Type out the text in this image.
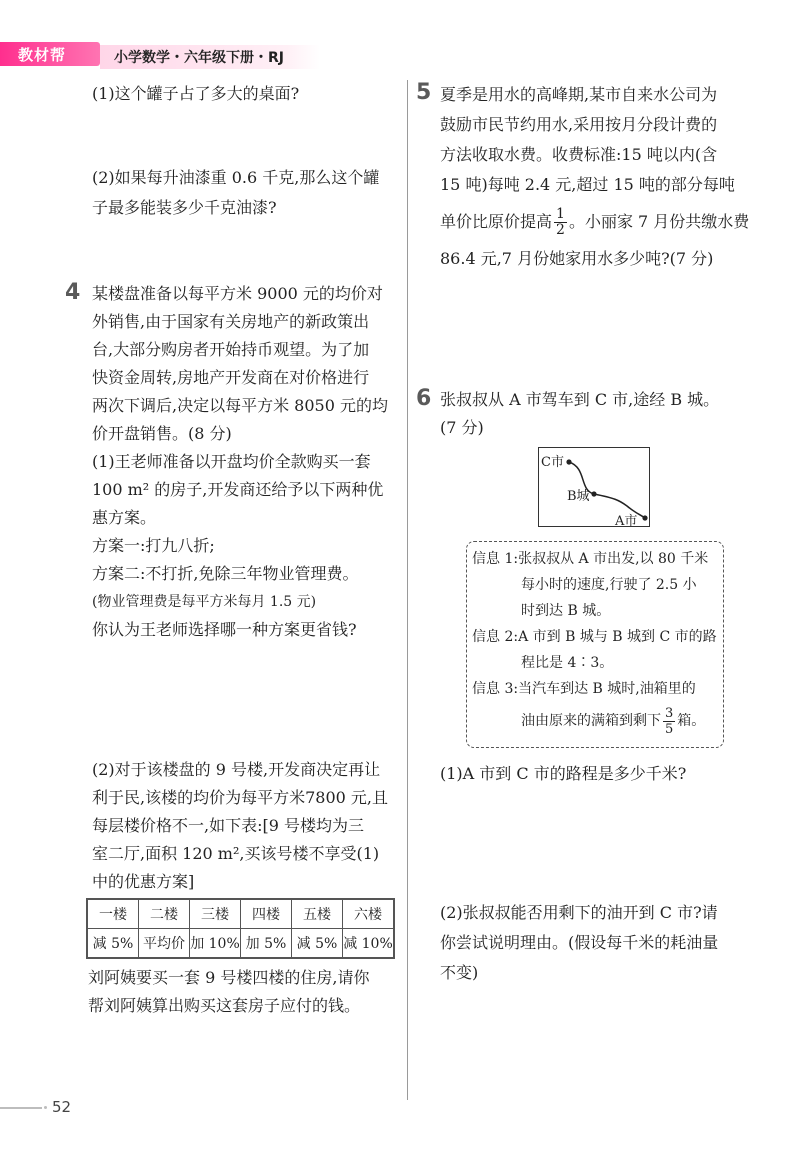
教材帮	小学数学・六年级下册・RJ
(1)这个罐子占了多大的桌面?
(2)如果每升油漆重 0.6 千克,那么这个罐
子最多能装多少千克油漆?
4 某楼盘准备以每平方米 9000 元的均价对
外销售,由于国家有关房地产的新政策出
台,大部分购房者开始持币观望。为了加
快资金周转,房地产开发商在对价格进行
两次下调后,决定以每平方米 8050 元的均
价开盘销售。(8 分)
(1)王老师准备以开盘均价全款购买一套
100 m² 的房子,开发商还给予以下两种优
惠方案。
方案一:打九八折;
方案二:不打折,免除三年物业管理费。
(物业管理费是每平方米每月 1.5 元)
你认为王老师选择哪一种方案更省钱?
(2)对于该楼盘的 9 号楼,开发商决定再让
利于民,该楼的均价为每平方米7800 元,且
每层楼价格不一,如下表:[9 号楼均为三
室二厅,面积 120 m²,买该号楼不享受(1)
中的优惠方案]
一楼	二楼	三楼	四楼	五楼	六楼
减 5%	平均价	加 10%	加 5%	减 5%	减 10%
刘阿姨要买一套 9 号楼四楼的住房,请你
帮刘阿姨算出购买这套房子应付的钱。
5 夏季是用水的高峰期,某市自来水公司为
鼓励市民节约用水,采用按月分段计费的
方法收取水费。收费标准:15 吨以内(含
15 吨)每吨 2.4 元,超过 15 吨的部分每吨
单价比原价提高 $\frac{1}{2}$ 。小丽家 7 月份共缴水费
86.4 元,7 月份她家用水多少吨?(7 分)
6 张叔叔从 A 市驾车到 C 市,途经 B 城。
(7 分)
C市
B城
A市
信息 1:张叔叔从 A 市出发,以 80 千米
每小时的速度,行驶了 2.5 小
时到达 B 城。
信息 2:A 市到 B 城与 B 城到 C 市的路
程比是 4∶3。
信息 3:当汽车到达 B 城时,油箱里的
油由原来的满箱到剩下 $\frac{3}{5}$ 箱。
(1)A 市到 C 市的路程是多少千米?
(2)张叔叔能否用剩下的油开到 C 市?请
你尝试说明理由。(假设每千米的耗油量
不变)
52
